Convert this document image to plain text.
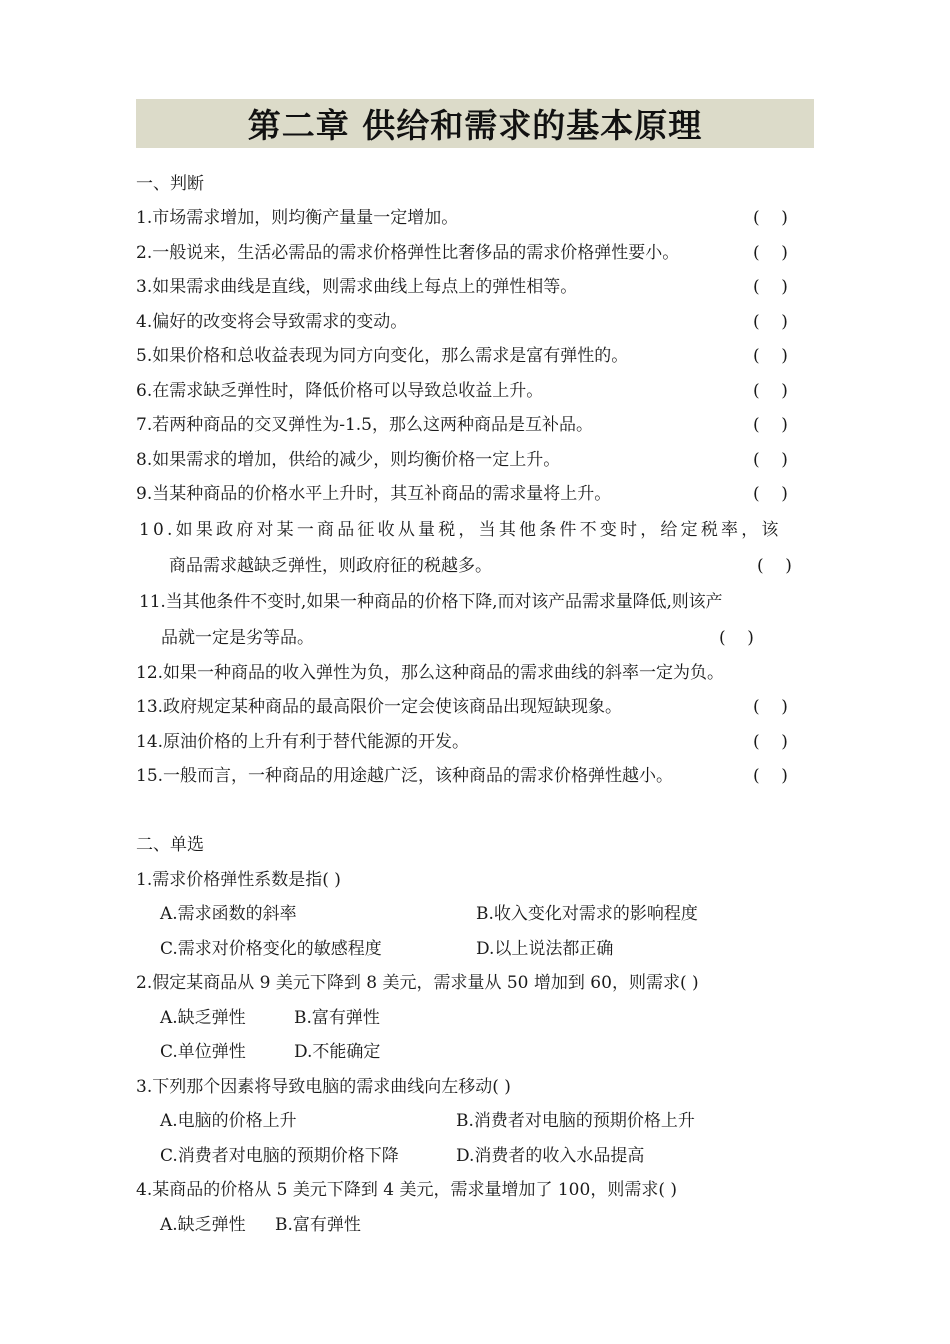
第二章 供给和需求的基本原理
一、判断
1.市场需求增加，则均衡产量量一定增加。	(    )
2.一般说来，生活必需品的需求价格弹性比奢侈品的需求价格弹性要小。	(    )
3.如果需求曲线是直线，则需求曲线上每点上的弹性相等。	(    )
4.偏好的改变将会导致需求的变动。	(    )
5.如果价格和总收益表现为同方向变化，那么需求是富有弹性的。	(    )
6.在需求缺乏弹性时，降低价格可以导致总收益上升。	(    )
7.若两种商品的交叉弹性为-1.5，那么这两种商品是互补品。	(    )
8.如果需求的增加，供给的减少，则均衡价格一定上升。	(    )
9.当某种商品的价格水平上升时，其互补商品的需求量将上升。	(    )
10.如果政府对某一商品征收从量税，当其他条件不变时，给定税率，该
商品需求越缺乏弹性，则政府征的税越多。	(    )
11.当其他条件不变时,如果一种商品的价格下降,而对该产品需求量降低,则该产
品就一定是劣等品。	(    )
12.如果一种商品的收入弹性为负，那么这种商品的需求曲线的斜率一定为负。
13.政府规定某种商品的最高限价一定会使该商品出现短缺现象。	(    )
14.原油价格的上升有利于替代能源的开发。	(    )
15.一般而言，一种商品的用途越广泛，该种商品的需求价格弹性越小。	(    )
二、单选
1.需求价格弹性系数是指( )
A.需求函数的斜率	B.收入变化对需求的影响程度
C.需求对价格变化的敏感程度	D.以上说法都正确
2.假定某商品从 9 美元下降到 8 美元，需求量从 50 增加到 60，则需求( )
A.缺乏弹性	B.富有弹性
C.单位弹性	D.不能确定
3.下列那个因素将导致电脑的需求曲线向左移动( )
A.电脑的价格上升	B.消费者对电脑的预期价格上升
C.消费者对电脑的预期价格下降	D.消费者的收入水品提高
4.某商品的价格从 5 美元下降到 4 美元，需求量增加了 100，则需求( )
A.缺乏弹性 B.富有弹性
